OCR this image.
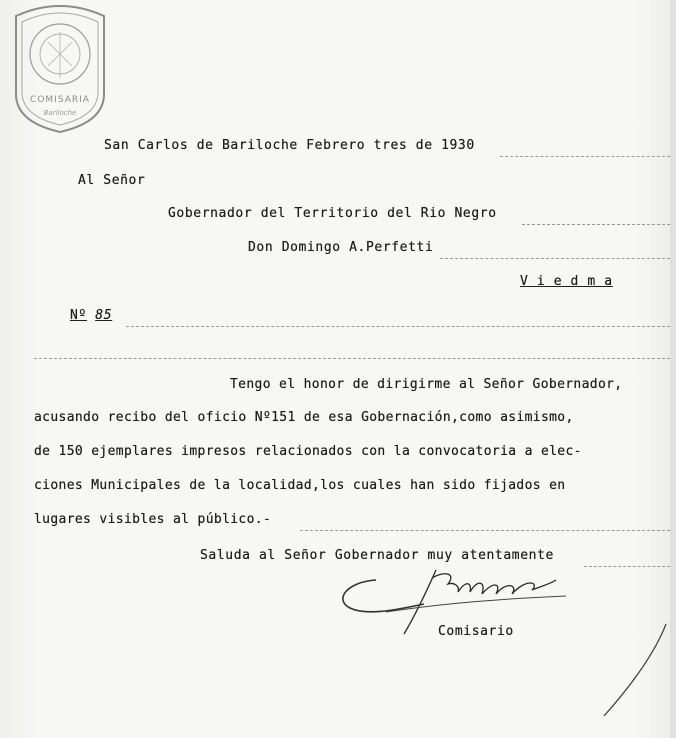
COMISARIA
Bariloche
San Carlos de Bariloche Febrero tres de 1930
Al Señor
Gobernador del Territorio del Rio Negro
Don Domingo A.Perfetti
V i e d m a
Nº 85
Tengo el honor de dirigirme al Señor Gobernador,
acusando recibo del oficio Nº151 de esa Gobernación,como asimismo,
de 150 ejemplares impresos relacionados con la convocatoria a elec-
ciones Municipales de la localidad,los cuales han sido fijados en
lugares visibles al público.-
Saluda al Señor Gobernador muy atentamente
Comisario
